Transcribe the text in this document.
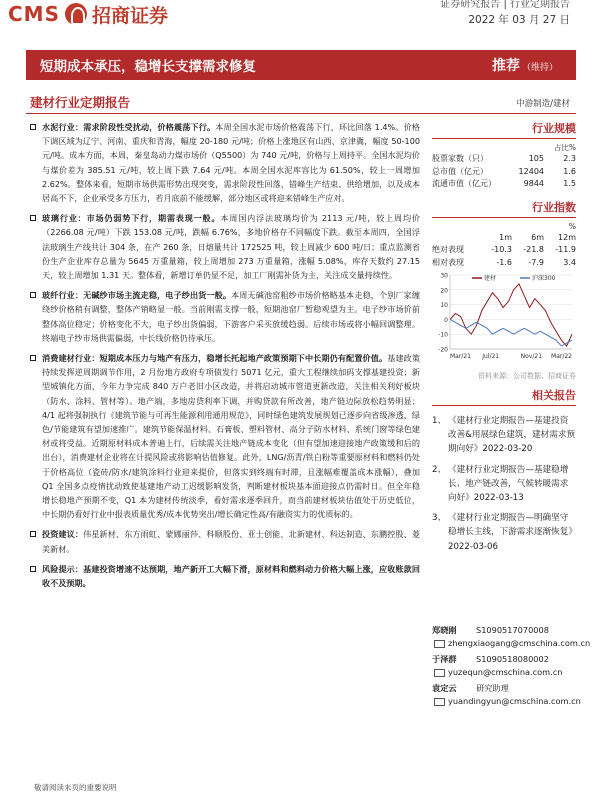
CMS 招商证券	证券研究报告 | 行业定期报告
2022 年 03 月 27 日
短期成本承压，稳增长支撑需求修复	推荐 （维持）
建材行业定期报告	中游制造/建材
水泥行业：需求阶段性受扰动，价格震荡下行。本周全国水泥市场价格震荡下行，环比回落 1.4%。价格下调区域为辽宁、河南、重庆和青海，幅度 20-180 元/吨；价格上涨地区有山西、京津冀，幅度 50-100 元/吨。成本方面，本周，秦皇岛动力煤市场价（Q5500）为 740 元/吨，价格与上周持平。全国水泥均价与煤价差为 385.51 元/吨，较上周下跌 7.64 元/吨。本周全国水泥库容比为 61.50%，较上一周增加 2.62%。整体来看，短期市场供需形势出现突变，需求阶段性回落，错峰生产结束、供给增加，以及成本居高不下，企业承受多方压力，若月底前不能缓解，部分地区或将迎来错峰生产应对。
玻璃行业：市场仍弱势下行，期需表现一般。本周国内浮法玻璃均价为 2113 元/吨，较上周均价（2266.08 元/吨）下跌 153.08 元/吨，跌幅 6.76%，多地价格存不同幅度下跌。截至本周四，全国浮法玻璃生产线共计 304 条，在产 260 条，日熔量共计 172525 吨，较上周减少 600 吨/日；重点监测省份生产企业库存总量为 5645 万重量箱，较上周增加 273 万重量箱，涨幅 5.08%，库存天数约 27.15 天，较上周增加 1.31 天。整体看，新增订单仍显不足，加工厂刚需补货为主，关注成交量持续性。
玻纤行业：无碱纱市场主流走稳，电子纱出货一般。本周无碱池窑粗纱市场价格略基本走稳，个别厂家缠绕纱价格稍有调整，整体产销略显一般。当前刚需支撑一般，短期池窑厂暂稳观望为主。电子纱市场价前整体高位稳定；价格变化不大，电子纱出货偏弱，下游客户采买放缓趋弱。后续市场或将小幅回调整理。终端电子纱市场供需偏弱，中长线价格仍待承压。
消费建材行业：短期成本压力与地产有压力，稳增长托起地产政策预期下中长期仍有配置价值。基建政策持续发挥逆周期调节作用，2 月份地方政府专项债发行 5071 亿元，重大工程继续加码支撑基建投资；新型城镇化方面，今年力争完成 840 万户老旧小区改造，并将启动城市管道更新改造，关注相关利好板块（防水、涂料、管材等）。地产端，多地房贷利率下调，并购贷款有所改善，地产链边际放松趋势明显；4/1 起将强制执行《建筑节能与可再生能源利用通用规范》，同时绿色建筑发展规划已逐步向省级渗透，绿色/节能建筑有望加速推广。建筑节能保温材料、石膏板、塑料管材、高分子防水材料、系统门窗等绿色建材或将受益。近期原材料成本普遍上行，后续需关注地产链成本变化（但有望加速迎接地产政策缓和后的出台），消费建材企业将在计提风险或将影响估值修复。此外，LNG/沥青/铁白粉等重要原材料和燃料仍处于价格高位（瓷砖/防水/建筑涂料行业迎来提价，但落实到终端有时滞，且涨幅难覆盖成本涨幅），叠加 Q1 全国多点疫情扰动致使基建地产动工迟缓影响发货，判断建材板块基本面迎接点仍需时日。但全年稳增长稳地产预期不变，Q1 本为建材传统淡季，看好需求逐季回升，而当前建材板块估值处于历史低位，中长期仍看好行业中报表质量优秀/成本优势突出/增长确定性高/有融资实力的优质标的。
投资建议：伟星新材、东方雨虹、蒙娜丽莎、科顺股份、亚士创能、北新建材、科达制造、东鹏控股、菱美新材。
风险提示：基建投资增速不达预期，地产新开工大幅下滑，原材料和燃料动力价格大幅上涨，应收账款回收不及预期。
行业规模
占比%
股票家数（只）	105	2.3
总市值（亿元）	12404	1.6
流通市值（亿元）	9844	1.5
行业指数
%
1m	6m	12m
绝对表现	-10.3	-21.8	-11.9
相对表现	-1.6	-7.9	3.4
-20
-10
0
10
20
30
Mar/21 Jul/21	Nov/21 Mar/22
建材	沪深300
资料来源：公司数据、招商证券
相关报告
1、 《建材行业定期报告—基建投资改善&用展绿色建筑，建材需求预期向好》2022-03-20
2、 《建材行业定期报告—基建稳增长、地产链改善，气候转暖需求向好》2022-03-13
3、 《建材行业定期报告—明确坚守稳增长主线，下游需求逐渐恢复》2022-03-06
郑晓刚 S1090517070008
zhengxiaogang@cmschina.com.cn
于泽群 S1090518080002
yuzequn@cmschina.com.cn
袁定云 研究助理
yuandingyun@cmschina.com.cn
敬请阅读末页的重要说明
